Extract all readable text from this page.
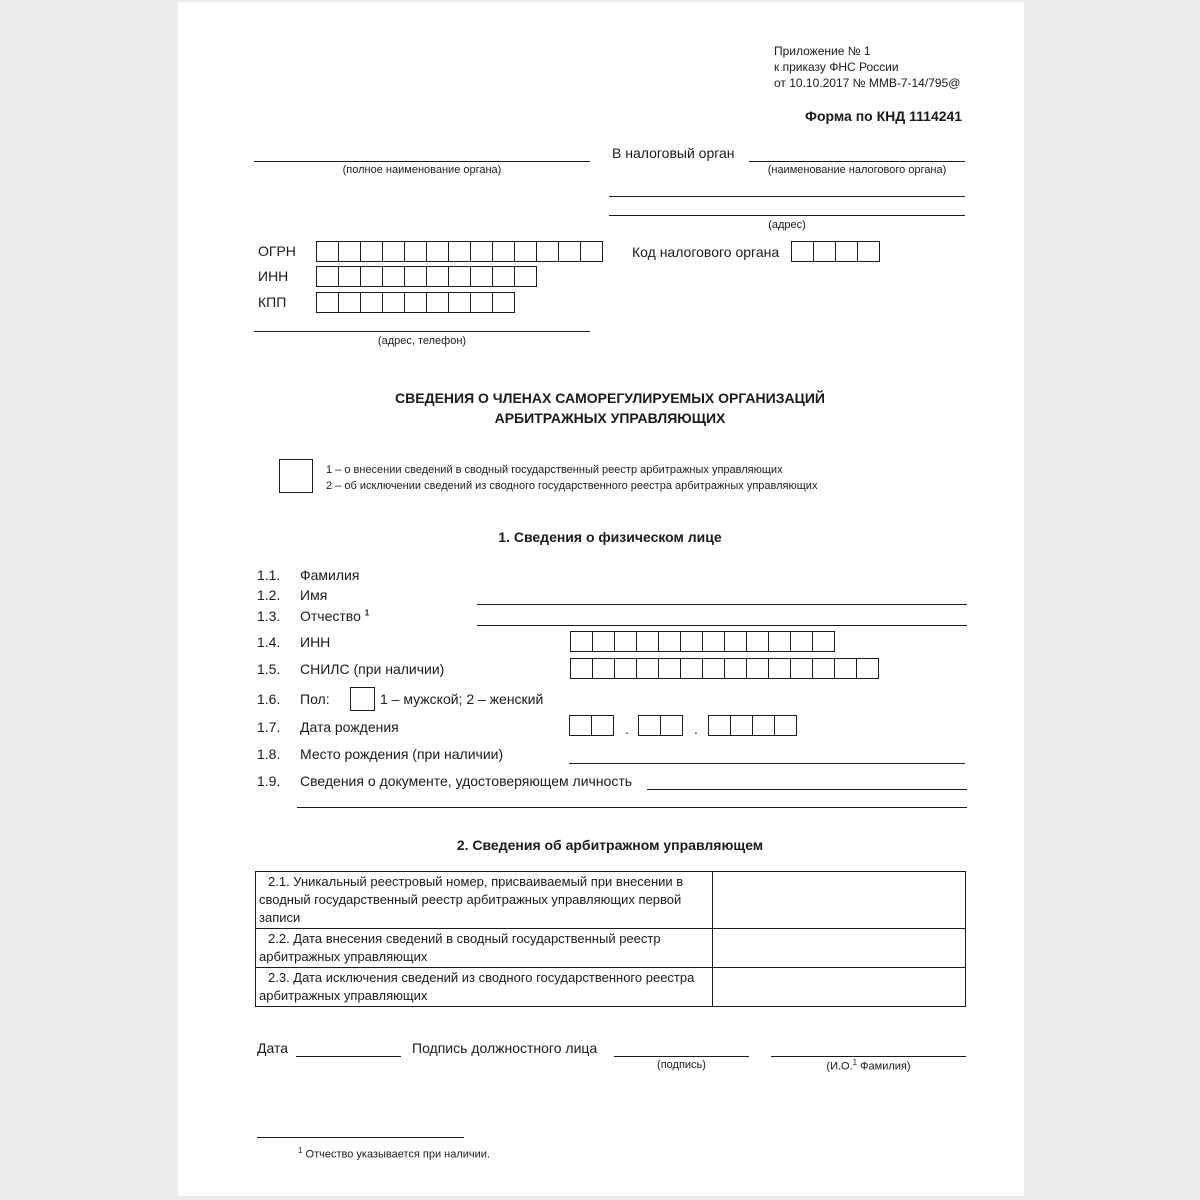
Приложение № 1
к приказу ФНС России
от 10.10.2017 № ММВ-7-14/795@
Форма по КНД 1114241
(полное наименование органа)
ОГРН
ИНН
КПП
(адрес, телефон)
В налоговый орган
(наименование налогового органа)
(адрес)
Код налогового органа
СВЕДЕНИЯ О ЧЛЕНАХ САМОРЕГУЛИРУЕМЫХ ОРГАНИЗАЦИЙ
АРБИТРАЖНЫХ УПРАВЛЯЮЩИХ
1 – о внесении сведений в сводный государственный реестр арбитражных управляющих
2 – об исключении сведений из сводного государственного реестра арбитражных управляющих
1. Сведения о физическом лице
1.1. Фамилия
1.2. Имя
1.3. Отчество $^1$
1.4. ИНН
1.5. СНИЛС (при наличии)
1.6. Пол:	1 – мужской; 2 – женский
1.7. Дата рождения	.	.
1.8. Место рождения (при наличии)
1.9. Сведения о документе, удостоверяющем личность
2. Сведения об арбитражном управляющем
2.1. Уникальный реестровый номер, присваиваемый при внесении в сводный государственный реестр арбитражных управляющих первой записи	
2.2. Дата внесения сведений в сводный государственный реестр арбитражных управляющих	
2.3. Дата исключения сведений из сводного государственного реестра арбитражных управляющих	
Дата	Подпись должностного лица
(подпись)	(И.О.$^1$ Фамилия)
$^1$ Отчество указывается при наличии.
